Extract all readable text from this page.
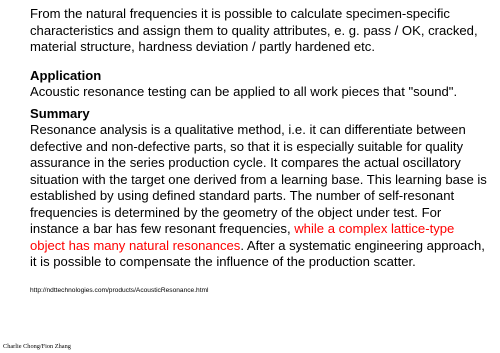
From the natural frequencies it is possible to calculate specimen-specific characteristics and assign them to quality attributes, e. g. pass / OK, cracked, material structure, hardness deviation / partly hardened etc.

Application

Acoustic resonance testing can be applied to all work pieces that "sound".

Summary

Resonance analysis is a qualitative method, i.e. it can differentiate between defective and non-defective parts, so that it is especially suitable for quality assurance in the series production cycle. It compares the actual oscillatory situation with the target one derived from a learning base. This learning base is established by using defined standard parts. The number of self-resonant frequencies is determined by the geometry of the object under test. For instance a bar has few resonant frequencies, while a complex lattice-type object has many natural resonances. After a systematic engineering approach, it is possible to compensate the influence of the production scatter.

http://ndttechnologies.com/products/AcousticResonance.html
Charlie Chong/Fion Zhang
